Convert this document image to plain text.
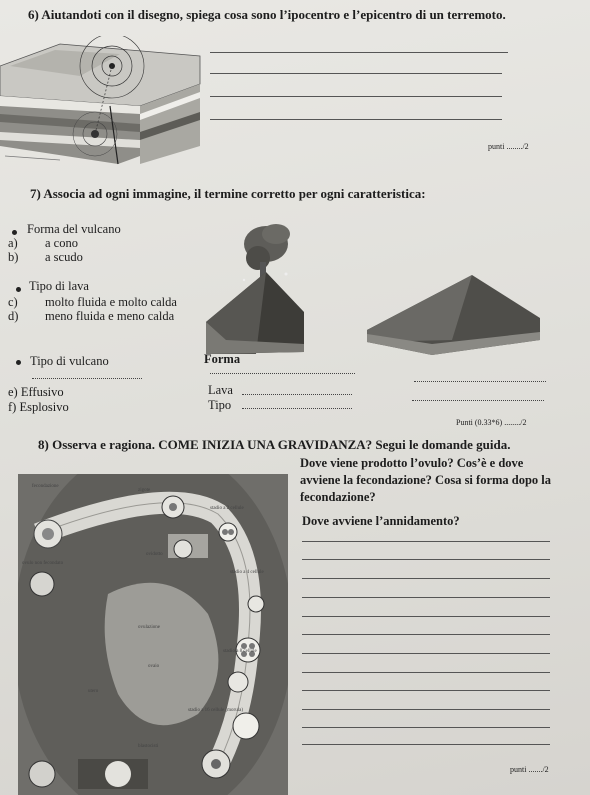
6) Aiutandoti con il disegno, spiega cosa sono l’ipocentro e l’epicentro di un terremoto.
punti ......../2
7) Associa ad ogni immagine, il termine corretto per ogni caratteristica:
Forma del vulcano
a) a cono
b) a scudo
Tipo di lava
c) molto fluida e molto calda
d) meno fluida e meno calda
Tipo di vulcano	Forma
e) Effusivo	Lava
f) Esplosivo	Tipo
Punti (0.33*6) ......../2
8) Osserva e ragiona. COME INIZIA UNA GRAVIDANZA? Segui le domande guida.
fecondazione
zigote
stadio a 2 cellule
ovulo non fecondato
ovidotto
stadio a 4 cellule
ovulazione
stadio a 8 cellule
ovaio
utero
stadio a 16 cellule (morula)
blastocisti
Dove viene prodotto l’ovulo? Cos’è e dove avviene la fecondazione? Cosa si forma dopo la fecondazione?
Dove avviene l’annidamento?
punti ......./2
